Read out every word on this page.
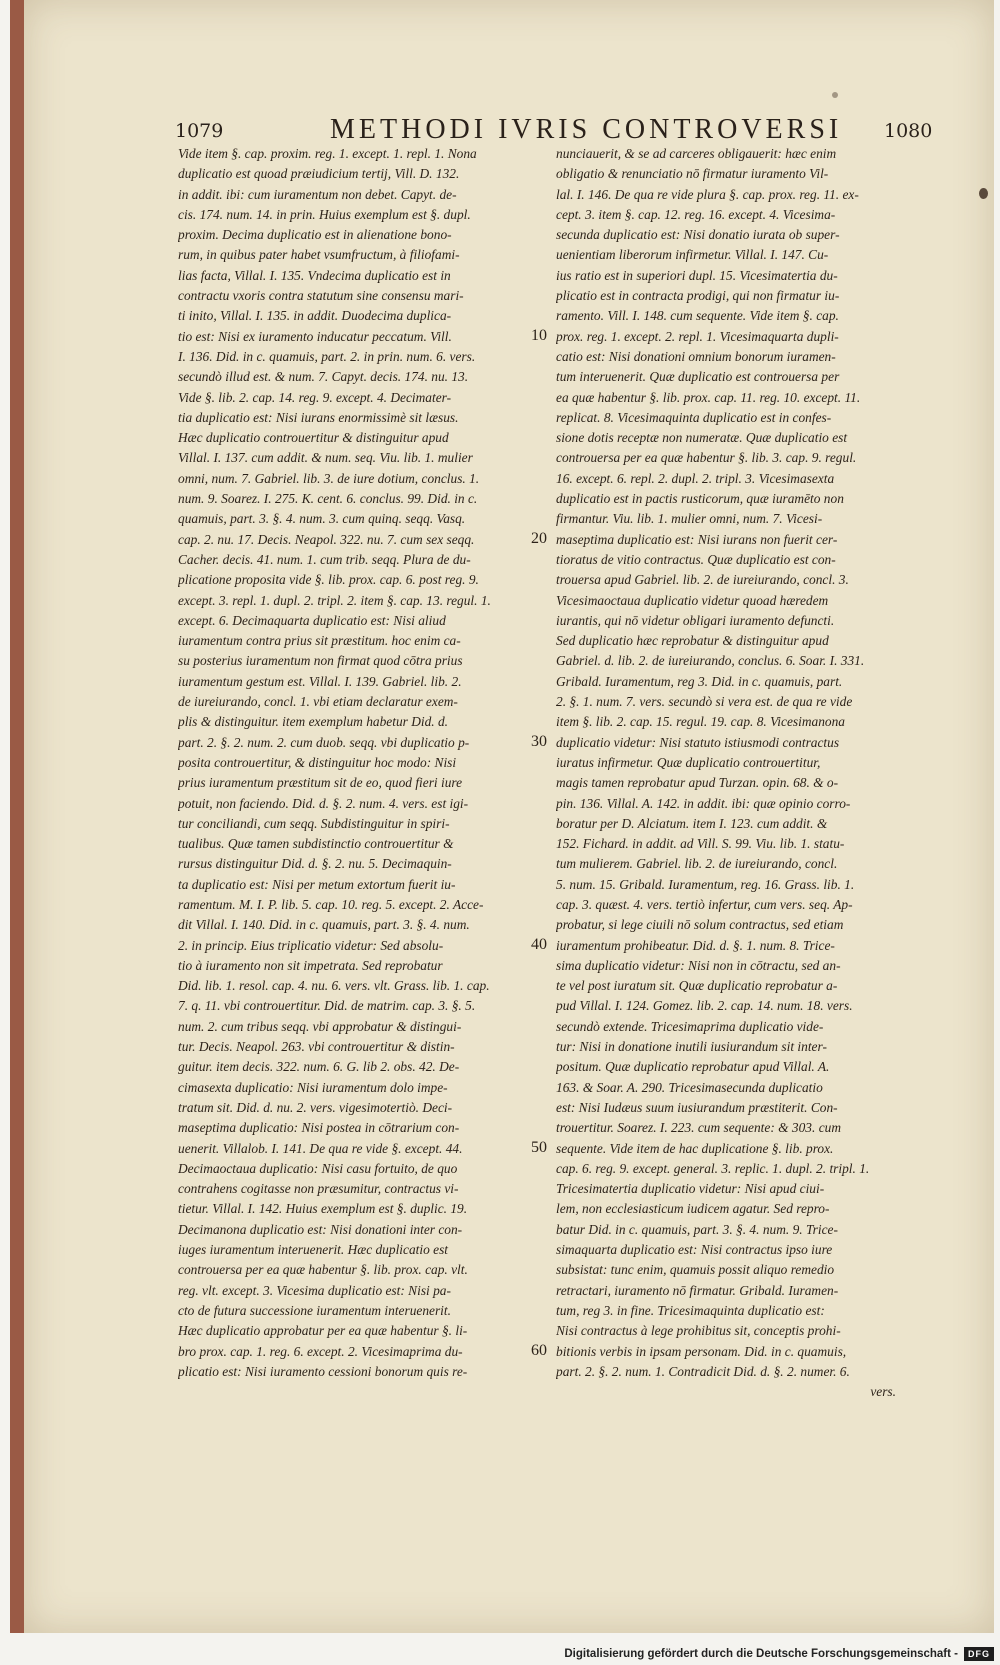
1079	METHODI IVRIS CONTROVERSI 1080
Vide item §. cap. proxim. reg. 1. except. 1. repl. 1. Nona
duplicatio est quoad præiudicium tertij, Vill. D. 132.
in addit. ibi: cum iuramentum non debet. Capyt. de-
cis. 174. num. 14. in prin. Huius exemplum est §. dupl.
proxim. Decima duplicatio est in alienatione bono-
rum, in quibus pater habet vsumfructum, à filiofami-
lias facta, Villal. I. 135. Vndecima duplicatio est in
contractu vxoris contra statutum sine consensu mari-
ti inito, Villal. I. 135. in addit. Duodecima duplica-
tio est: Nisi ex iuramento inducatur peccatum. Vill.
I. 136. Did. in c. quamuis, part. 2. in prin. num. 6. vers.
secundò illud est. & num. 7. Capyt. decis. 174. nu. 13.
Vide §. lib. 2. cap. 14. reg. 9. except. 4. Decimater-
tia duplicatio est: Nisi iurans enormissimè sit læsus.
Hæc duplicatio controuertitur & distinguitur apud
Villal. I. 137. cum addit. & num. seq. Viu. lib. 1. mulier
omni, num. 7. Gabriel. lib. 3. de iure dotium, conclus. 1.
num. 9. Soarez. I. 275. K. cent. 6. conclus. 99. Did. in c.
quamuis, part. 3. §. 4. num. 3. cum quinq. seqq. Vasq.
cap. 2. nu. 17. Decis. Neapol. 322. nu. 7. cum sex seqq.
Cacher. decis. 41. num. 1. cum trib. seqq. Plura de du-
plicatione proposita vide §. lib. prox. cap. 6. post reg. 9.
except. 3. repl. 1. dupl. 2. tripl. 2. item §. cap. 13. regul. 1.
except. 6. Decimaquarta duplicatio est: Nisi aliud
iuramentum contra prius sit præstitum. hoc enim ca-
su posterius iuramentum non firmat quod cōtra prius
iuramentum gestum est. Villal. I. 139. Gabriel. lib. 2.
de iureiurando, concl. 1. vbi etiam declaratur exem-
plis & distinguitur. item exemplum habetur Did. d.
part. 2. §. 2. num. 2. cum duob. seqq. vbi duplicatio p-
posita controuertitur, & distinguitur hoc modo: Nisi
prius iuramentum præstitum sit de eo, quod fieri iure
potuit, non faciendo. Did. d. §. 2. num. 4. vers. est igi-
tur conciliandi, cum seqq. Subdistinguitur in spiri-
tualibus. Quæ tamen subdistinctio controuertitur &
rursus distinguitur Did. d. §. 2. nu. 5. Decimaquin-
ta duplicatio est: Nisi per metum extortum fuerit iu-
ramentum. M. I. P. lib. 5. cap. 10. reg. 5. except. 2. Acce-
dit Villal. I. 140. Did. in c. quamuis, part. 3. §. 4. num.
2. in princip. Eius triplicatio videtur: Sed absolu-
tio à iuramento non sit impetrata. Sed reprobatur
Did. lib. 1. resol. cap. 4. nu. 6. vers. vlt. Grass. lib. 1. cap.
7. q. 11. vbi controuertitur. Did. de matrim. cap. 3. §. 5.
num. 2. cum tribus seqq. vbi approbatur & distingui-
tur. Decis. Neapol. 263. vbi controuertitur & distin-
guitur. item decis. 322. num. 6. G. lib 2. obs. 42. De-
cimasexta duplicatio: Nisi iuramentum dolo impe-
tratum sit. Did. d. nu. 2. vers. vigesimotertiò. Deci-
maseptima duplicatio: Nisi postea in cōtrarium con-
uenerit. Villalob. I. 141. De qua re vide §. except. 44.
Decimaoctaua duplicatio: Nisi casu fortuito, de quo
contrahens cogitasse non præsumitur, contractus vi-
tietur. Villal. I. 142. Huius exemplum est §. duplic. 19.
Decimanona duplicatio est: Nisi donationi inter con-
iuges iuramentum interuenerit. Hæc duplicatio est
controuersa per ea quæ habentur §. lib. prox. cap. vlt.
reg. vlt. except. 3. Vicesima duplicatio est: Nisi pa-
cto de futura successione iuramentum interuenerit.
Hæc duplicatio approbatur per ea quæ habentur §. li-
bro prox. cap. 1. reg. 6. except. 2. Vicesimaprima du-
plicatio est: Nisi iuramento cessioni bonorum quis re-
nunciauerit, & se ad carceres obligauerit: hæc enim
obligatio & renunciatio nō firmatur iuramento Vil-
lal. I. 146. De qua re vide plura §. cap. prox. reg. 11. ex-
cept. 3. item §. cap. 12. reg. 16. except. 4. Vicesima-
secunda duplicatio est: Nisi donatio iurata ob super-
uenientiam liberorum infirmetur. Villal. I. 147. Cu-
ius ratio est in superiori dupl. 15. Vicesimatertia du-
plicatio est in contracta prodigi, qui non firmatur iu-
ramento. Vill. I. 148. cum sequente. Vide item §. cap.
prox. reg. 1. except. 2. repl. 1. Vicesimaquarta dupli-
catio est: Nisi donationi omnium bonorum iuramen-
tum interuenerit. Quæ duplicatio est controuersa per
ea quæ habentur §. lib. prox. cap. 11. reg. 10. except. 11.
replicat. 8. Vicesimaquinta duplicatio est in confes-
sione dotis receptæ non numeratæ. Quæ duplicatio est
controuersa per ea quæ habentur §. lib. 3. cap. 9. regul.
16. except. 6. repl. 2. dupl. 2. tripl. 3. Vicesimasexta
duplicatio est in pactis rusticorum, quæ iuramēto non
firmantur. Viu. lib. 1. mulier omni, num. 7. Vicesi-
maseptima duplicatio est: Nisi iurans non fuerit cer-
tioratus de vitio contractus. Quæ duplicatio est con-
trouersa apud Gabriel. lib. 2. de iureiurando, concl. 3.
Vicesimaoctaua duplicatio videtur quoad hæredem
iurantis, qui nō videtur obligari iuramento defuncti.
Sed duplicatio hæc reprobatur & distinguitur apud
Gabriel. d. lib. 2. de iureiurando, conclus. 6. Soar. I. 331.
Gribald. Iuramentum, reg 3. Did. in c. quamuis, part.
2. §. 1. num. 7. vers. secundò si vera est. de qua re vide
item §. lib. 2. cap. 15. regul. 19. cap. 8. Vicesimanona
duplicatio videtur: Nisi statuto istiusmodi contractus
iuratus infirmetur. Quæ duplicatio controuertitur,
magis tamen reprobatur apud Turzan. opin. 68. & o-
pin. 136. Villal. A. 142. in addit. ibi: quæ opinio corro-
boratur per D. Alciatum. item I. 123. cum addit. &
152. Fichard. in addit. ad Vill. S. 99. Viu. lib. 1. statu-
tum mulierem. Gabriel. lib. 2. de iureiurando, concl.
5. num. 15. Gribald. Iuramentum, reg. 16. Grass. lib. 1.
cap. 3. quæst. 4. vers. tertiò infertur, cum vers. seq. Ap-
probatur, si lege ciuili nō solum contractus, sed etiam
iuramentum prohibeatur. Did. d. §. 1. num. 8. Trice-
sima duplicatio videtur: Nisi non in cōtractu, sed an-
te vel post iuratum sit. Quæ duplicatio reprobatur a-
pud Villal. I. 124. Gomez. lib. 2. cap. 14. num. 18. vers.
secundò extende. Tricesimaprima duplicatio vide-
tur: Nisi in donatione inutili iusiurandum sit inter-
positum. Quæ duplicatio reprobatur apud Villal. A.
163. & Soar. A. 290. Tricesimasecunda duplicatio
est: Nisi Iudæus suum iusiurandum præstiterit. Con-
trouertitur. Soarez. I. 223. cum sequente: & 303. cum
sequente. Vide item de hac duplicatione §. lib. prox.
cap. 6. reg. 9. except. general. 3. replic. 1. dupl. 2. tripl. 1.
Tricesimatertia duplicatio videtur: Nisi apud ciui-
lem, non ecclesiasticum iudicem agatur. Sed repro-
batur Did. in c. quamuis, part. 3. §. 4. num. 9. Trice-
simaquarta duplicatio est: Nisi contractus ipso iure
subsistat: tunc enim, quamuis possit aliquo remedio
retractari, iuramento nō firmatur. Gribald. Iuramen-
tum, reg 3. in fine. Tricesimaquinta duplicatio est:
Nisi contractus à lege prohibitus sit, conceptis prohi-
bitionis verbis in ipsam personam. Did. in c. quamuis,
part. 2. §. 2. num. 1. Contradicit Did. d. §. 2. numer. 6.
vers.
10
20
30
40
50
60
Digitalisierung gefördert durch die Deutsche Forschungsgemeinschaft -	DFG
